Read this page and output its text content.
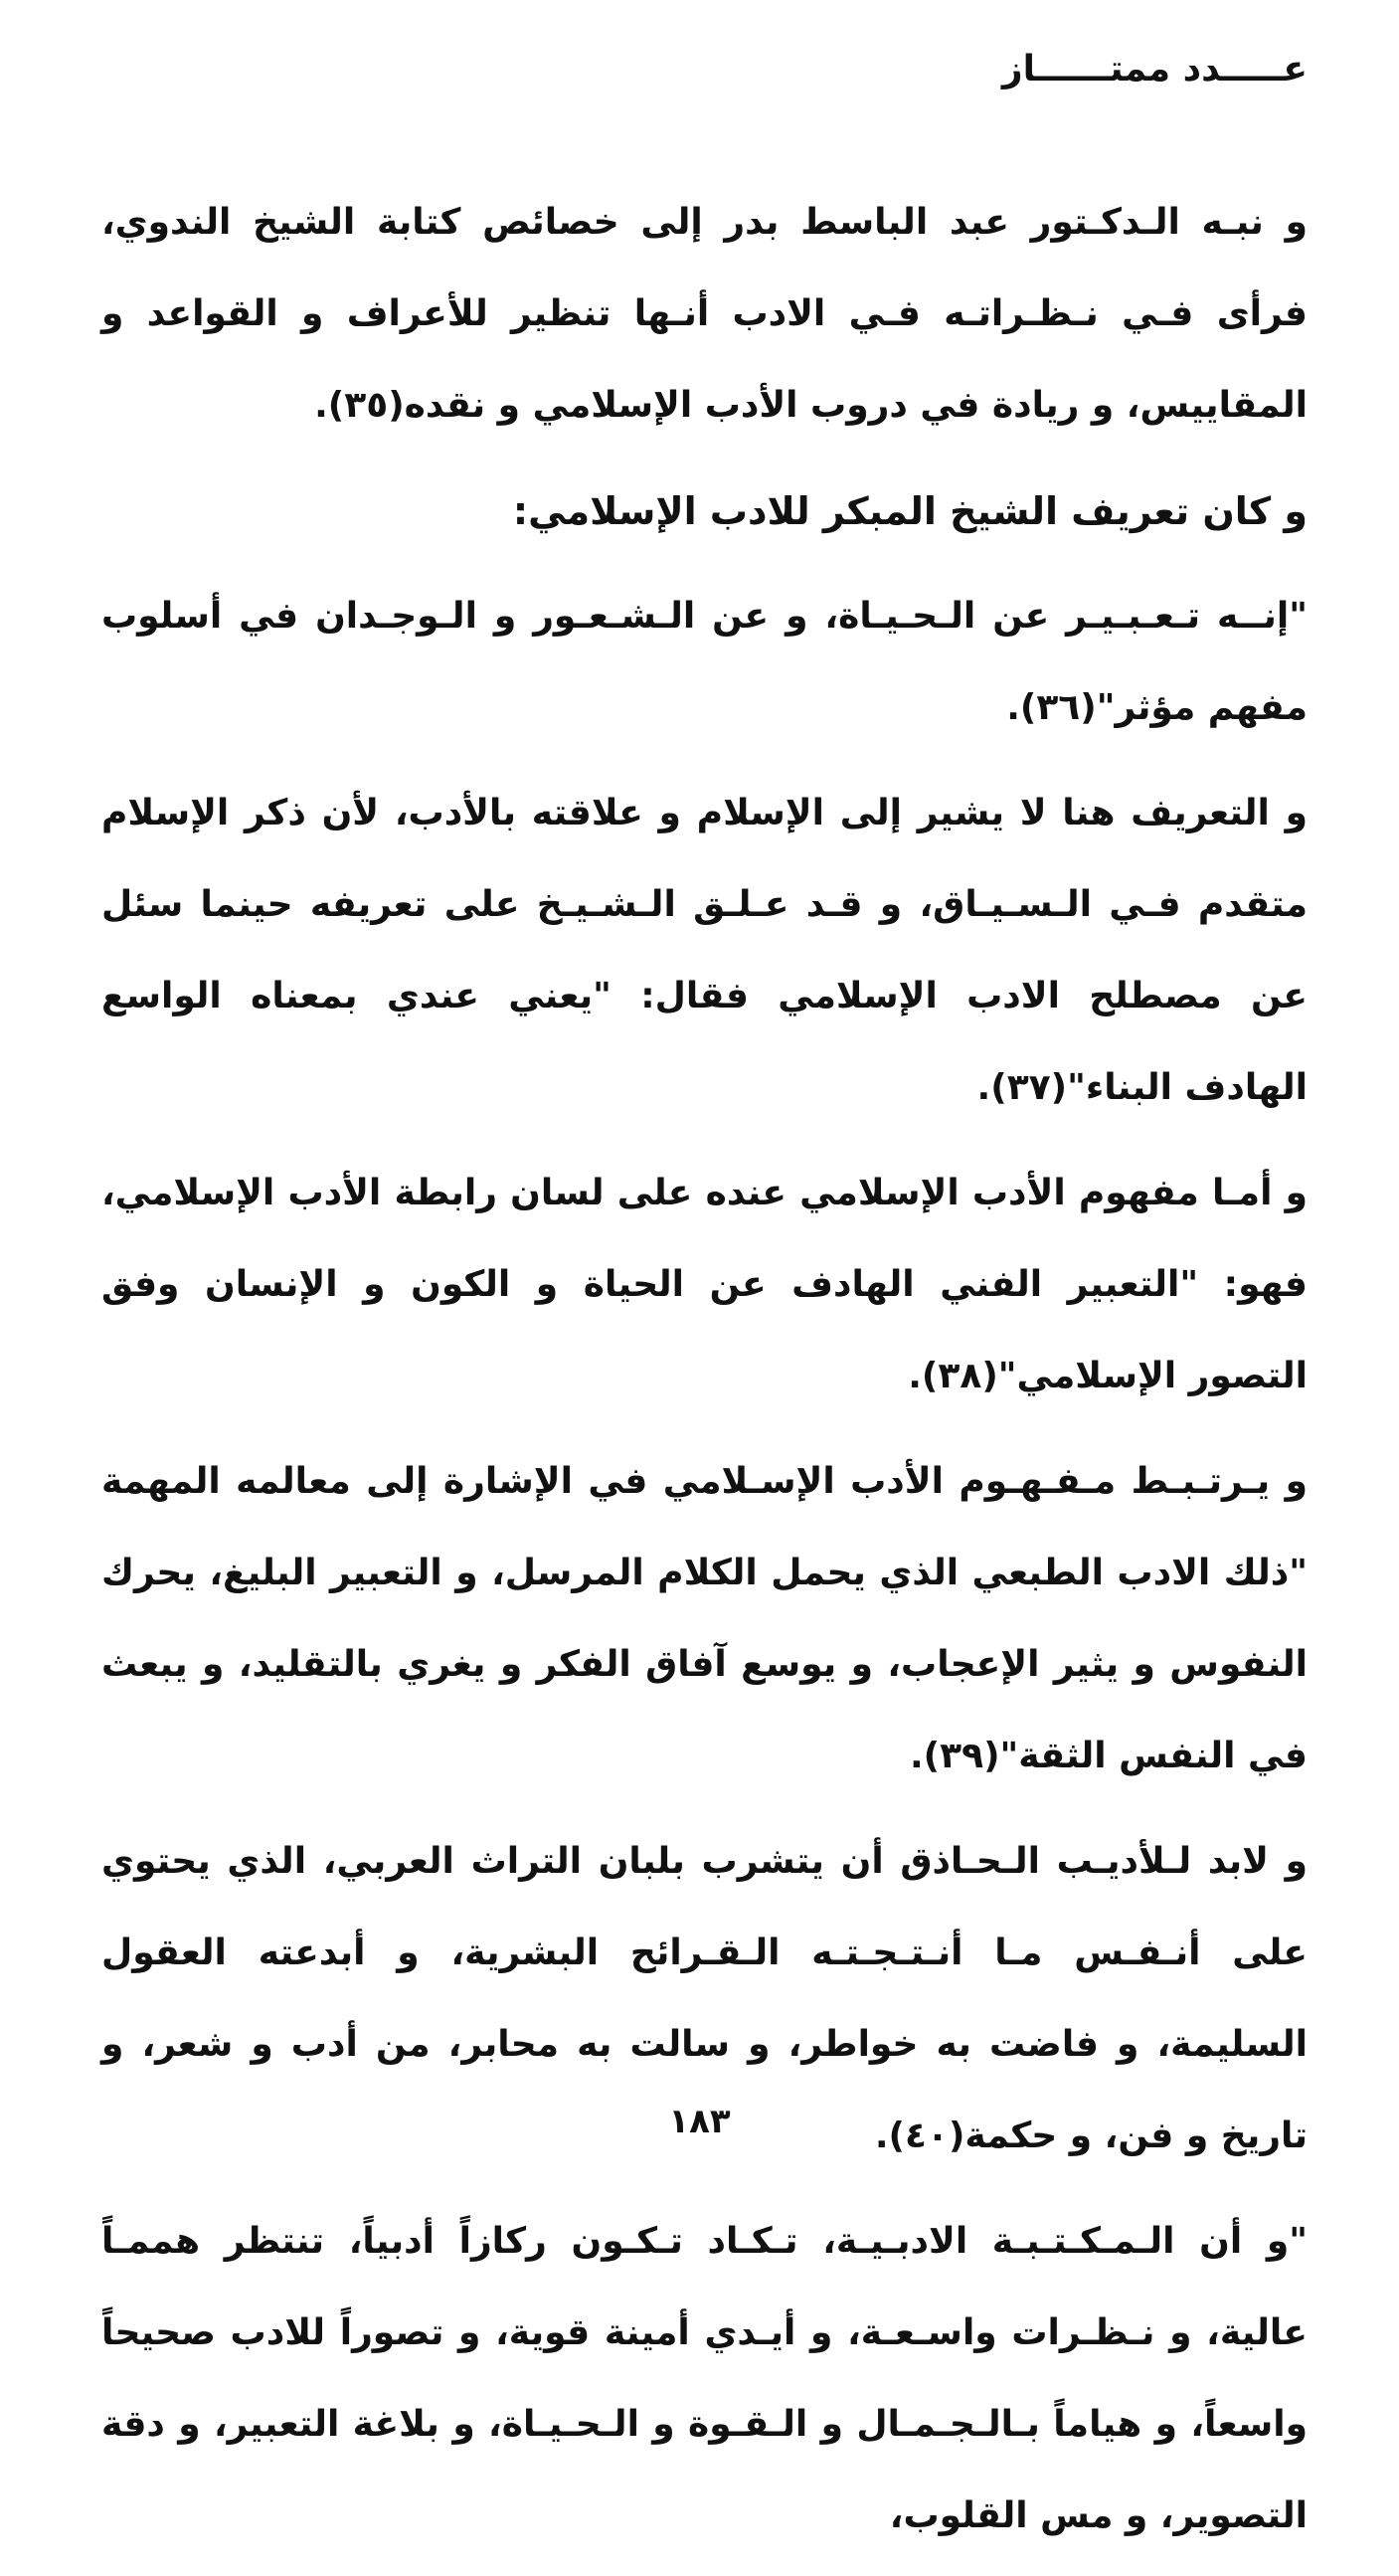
عـــــدد ممتــــــاز

و نبـه الـدكـتور عبد الباسط بدر إلى خصائص كتابة الشيخ الندوي، فرأى فـي نـظـراتـه فـي الادب أنـها تنظير للأعراف و القواعد و المقاييس، و ريادة في دروب الأدب الإسلامي و نقده(٣٥).

و كان تعريف الشيخ المبكر للادب الإسلامي:

"إنــه تـعـبـيـر عن الـحـيـاة، و عن الـشـعـور و الـوجـدان في أسلوب مفهم مؤثر"(٣٦).

و التعريف هنا لا يشير إلى الإسلام و علاقته بالأدب، لأن ذكر الإسلام متقدم فـي الـسـيـاق، و قـد عـلـق الـشـيـخ على تعريفه حينما سئل عن مصطلح الادب الإسلامي فقال: "يعني عندي بمعناه الواسع الهادف البناء"(٣٧).

و أمـا مفهوم الأدب الإسلامي عنده على لسان رابطة الأدب الإسلامي، فهو: "التعبير الفني الهادف عن الحياة و الكون و الإنسان وفق التصور الإسلامي"(٣٨).

و يـرتـبـط مـفـهـوم الأدب الإسـلامي في الإشارة إلى معالمه المهمة "ذلك الادب الطبعي الذي يحمل الكلام المرسل، و التعبير البليغ، يحرك النفوس و يثير الإعجاب، و يوسع آفاق الفكر و يغري بالتقليد، و يبعث في النفس الثقة"(٣٩).

و لابد لـلأديـب الـحـاذق أن يتشرب بلبان التراث العربي، الذي يحتوي على أنـفـس مـا أنـتـجـتـه الـقـرائح البشرية، و أبدعته العقول السليمة، و فاضت به خواطر، و سالت به محابر، من أدب و شعر، و تاريخ و فن، و حكمة(٤٠).

"و أن الـمـكـتـبـة الادبـيـة، تـكـاد تـكـون ركازاً أدبياً، تنتظر هممـاً عالية، و نـظـرات واسـعـة، و أيـدي أمينة قوية، و تصوراً للادب صحيحاً واسعاً، و هياماً بـالـجـمـال و الـقـوة و الـحـيـاة، و بلاغة التعبير، و دقة التصوير، و مس القلوب،

١٨٣
